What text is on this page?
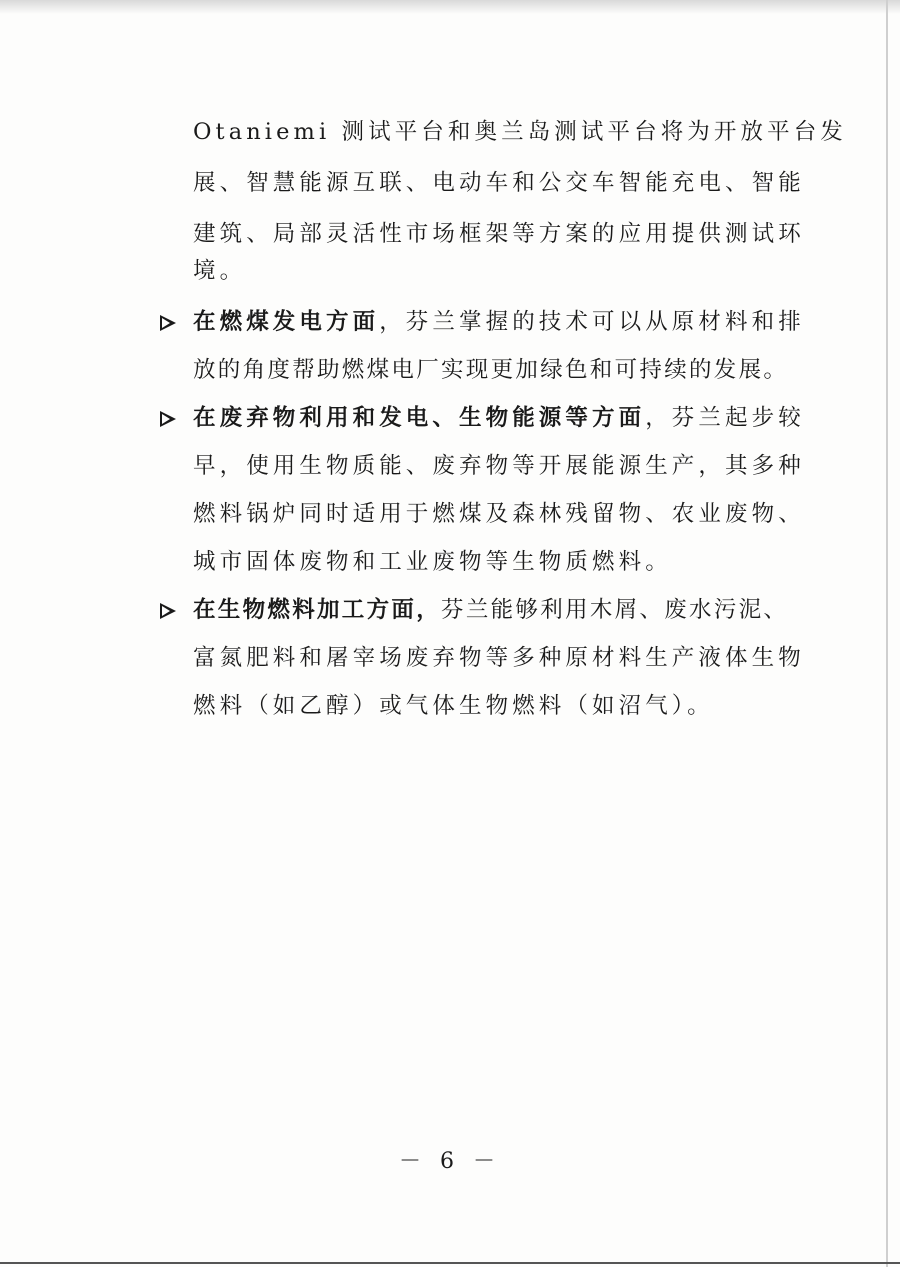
Otaniemi 测试平台和奥兰岛测试平台将为开放平台发
展、智慧能源互联、电动车和公交车智能充电、智能
建筑、局部灵活性市场框架等方案的应用提供测试环
境。
在燃煤发电方面，芬兰掌握的技术可以从原材料和排
放的角度帮助燃煤电厂实现更加绿色和可持续的发展。
在废弃物利用和发电、生物能源等方面，芬兰起步较
早，使用生物质能、废弃物等开展能源生产，其多种
燃料锅炉同时适用于燃煤及森林残留物、农业废物、
城市固体废物和工业废物等生物质燃料。
在生物燃料加工方面，芬兰能够利用木屑、废水污泥、
富氮肥料和屠宰场废弃物等多种原材料生产液体生物
燃料（如乙醇）或气体生物燃料（如沼气）。
－ 6 －
